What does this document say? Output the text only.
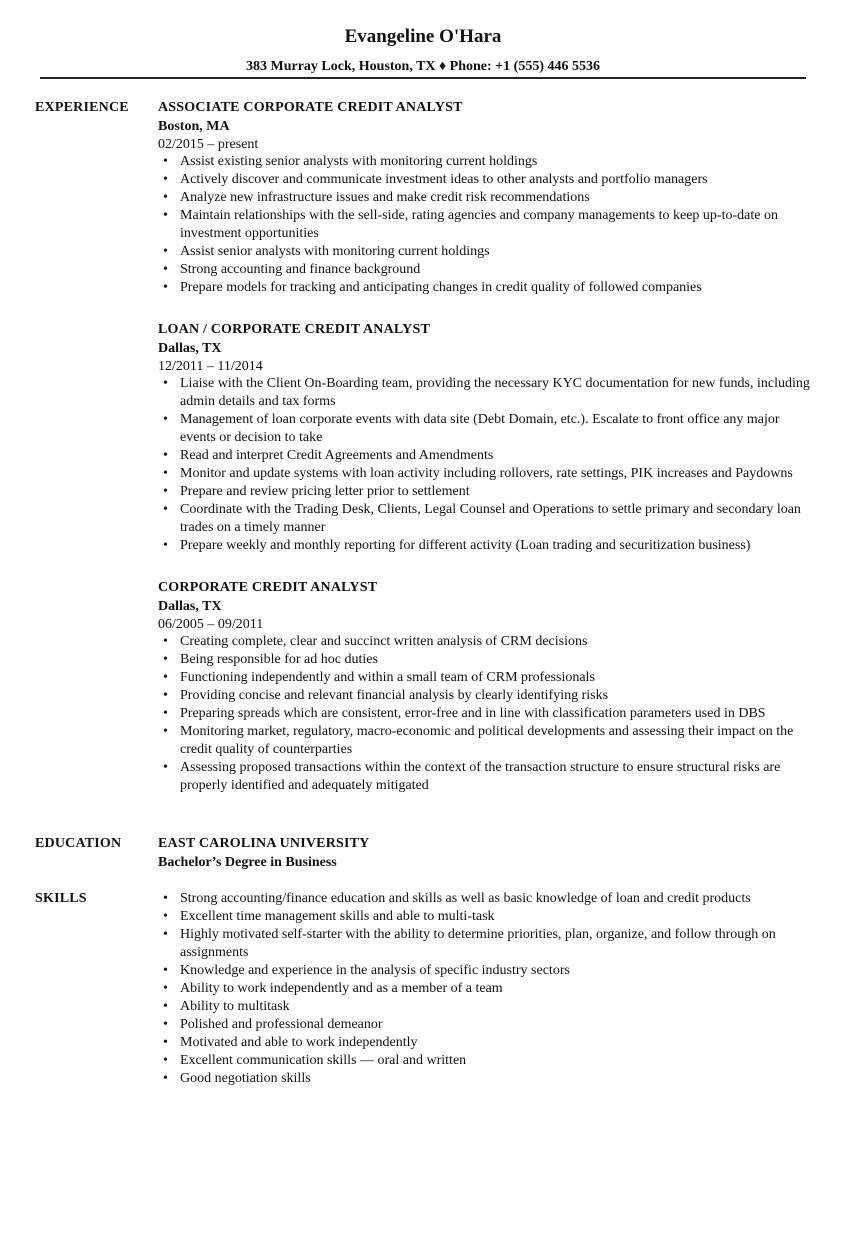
Evangeline O'Hara
383 Murray Lock, Houston, TX ♦ Phone: +1 (555) 446 5536
EXPERIENCE ASSOCIATE CORPORATE CREDIT ANALYST
Boston, MA
02/2015 – present
• Assist existing senior analysts with monitoring current holdings
• Actively discover and communicate investment ideas to other analysts and portfolio managers
• Analyze new infrastructure issues and make credit risk recommendations
• Maintain relationships with the sell-side, rating agencies and company managements to keep up-to-date on investment opportunities
• Assist senior analysts with monitoring current holdings
• Strong accounting and finance background
• Prepare models for tracking and anticipating changes in credit quality of followed companies
LOAN / CORPORATE CREDIT ANALYST
Dallas, TX
12/2011 – 11/2014
• Liaise with the Client On-Boarding team, providing the necessary KYC documentation for new funds, including admin details and tax forms
• Management of loan corporate events with data site (Debt Domain, etc.). Escalate to front office any major events or decision to take
• Read and interpret Credit Agreements and Amendments
• Monitor and update systems with loan activity including rollovers, rate settings, PIK increases and Paydowns
• Prepare and review pricing letter prior to settlement
• Coordinate with the Trading Desk, Clients, Legal Counsel and Operations to settle primary and secondary loan trades on a timely manner
• Prepare weekly and monthly reporting for different activity (Loan trading and securitization business)
CORPORATE CREDIT ANALYST
Dallas, TX
06/2005 – 09/2011
• Creating complete, clear and succinct written analysis of CRM decisions
• Being responsible for ad hoc duties
• Functioning independently and within a small team of CRM professionals
• Providing concise and relevant financial analysis by clearly identifying risks
• Preparing spreads which are consistent, error-free and in line with classification parameters used in DBS
• Monitoring market, regulatory, macro-economic and political developments and assessing their impact on the credit quality of counterparties
• Assessing proposed transactions within the context of the transaction structure to ensure structural risks are properly identified and adequately mitigated
EDUCATION	EAST CAROLINA UNIVERSITY
Bachelor’s Degree in Business
SKILLS
•	Strong accounting/finance education and skills as well as basic knowledge of loan and credit products
• Excellent time management skills and able to multi-task
• Highly motivated self-starter with the ability to determine priorities, plan, organize, and follow through on assignments
• Knowledge and experience in the analysis of specific industry sectors
• Ability to work independently and as a member of a team
• Ability to multitask
• Polished and professional demeanor
• Motivated and able to work independently
• Excellent communication skills — oral and written
• Good negotiation skills
